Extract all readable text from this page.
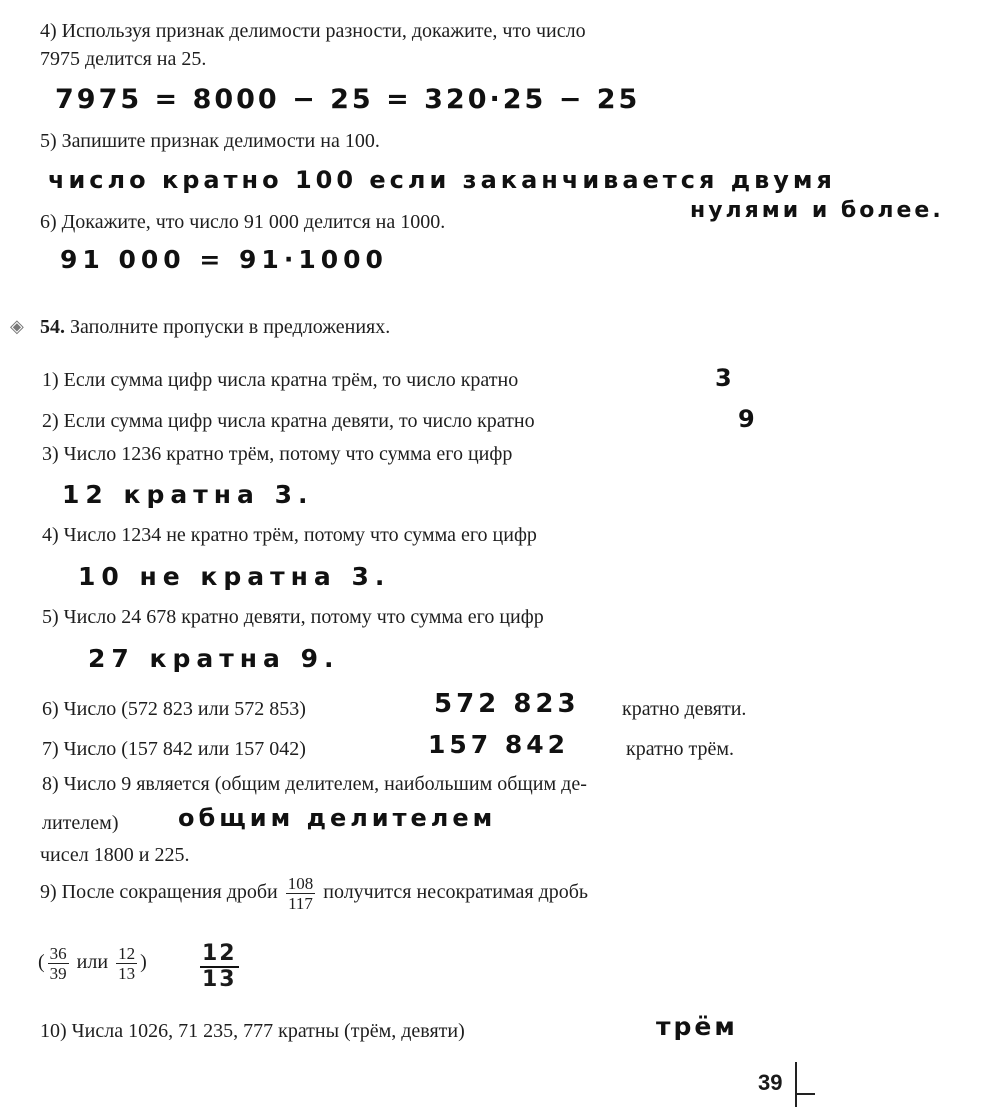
4) Используя признак делимости разности, докажите, что число
7975 делится на 25.
7975 = 8000 − 25 = 320·25 − 25
5) Запишите признак делимости на 100.
число кратно 100 если заканчивается двумя
нулями и более.
6) Докажите, что число 91 000 делится на 1000.
91 000 = 91·1000
◈ 54. Заполните пропуски в предложениях.
1) Если сумма цифр числа кратна трём, то число кратно	3
2) Если сумма цифр числа кратна девяти, то число кратно	9
3) Число 1236 кратно трём, потому что сумма его цифр
12 кратна 3.
4) Число 1234 не кратно трём, потому что сумма его цифр
10 не кратна 3.
5) Число 24 678 кратно девяти, потому что сумма его цифр
27 кратна 9.
6) Число (572 823 или 572 853)	572 823 кратно девяти.
7) Число (157 842 или 157 042)	157 842	кратно трём.
8) Число 9 является (общим делителем, наибольшим общим де-
лителем) общим делителем
чисел 1800 и 225.
9) После сокращения дроби $\frac{108}{117}$ получится несократимая дробь
( $\frac{36}{39}$ или $\frac{12}{13}$ ) $\frac{12}{13}$
10) Числа 1026, 71 235, 777 кратны (трём, девяти)	трём
39
